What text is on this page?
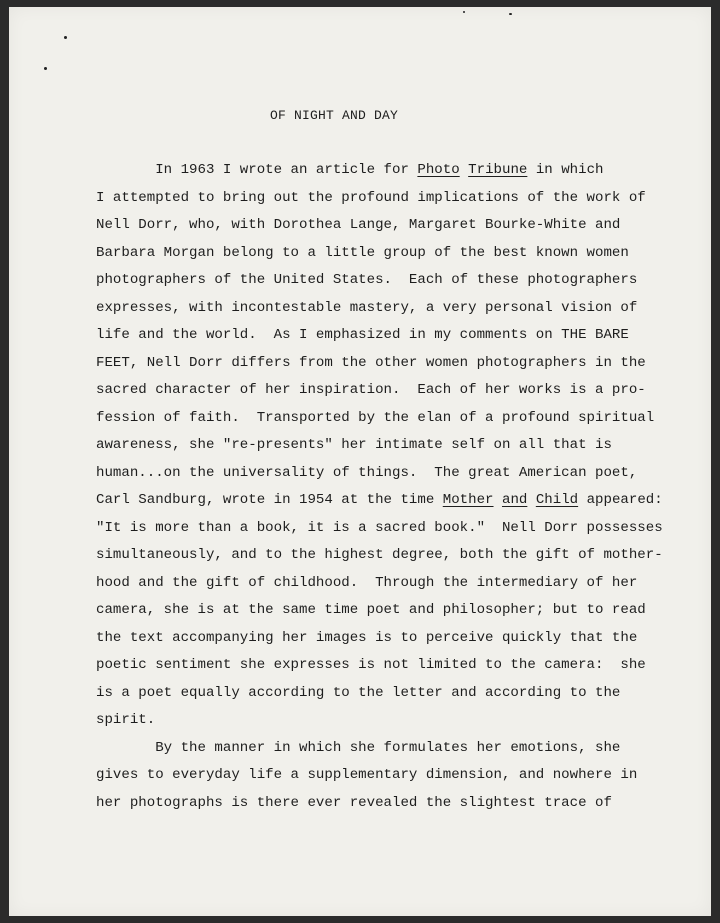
OF NIGHT AND DAY
In 1963 I wrote an article for Photo Tribune in which
I attempted to bring out the profound implications of the work of
Nell Dorr, who, with Dorothea Lange, Margaret Bourke-White and
Barbara Morgan belong to a little group of the best known women
photographers of the United States.  Each of these photographers
expresses, with incontestable mastery, a very personal vision of
life and the world.  As I emphasized in my comments on THE BARE
FEET, Nell Dorr differs from the other women photographers in the
sacred character of her inspiration.  Each of her works is a pro-
fession of faith.  Transported by the elan of a profound spiritual
awareness, she "re-presents" her intimate self on all that is
human...on the universality of things.  The great American poet,
Carl Sandburg, wrote in 1954 at the time Mother and Child appeared:
"It is more than a book, it is a sacred book."  Nell Dorr possesses
simultaneously, and to the highest degree, both the gift of mother-
hood and the gift of childhood.  Through the intermediary of her
camera, she is at the same time poet and philosopher; but to read
the text accompanying her images is to perceive quickly that the
poetic sentiment she expresses is not limited to the camera:  she
is a poet equally according to the letter and according to the
spirit.
By the manner in which she formulates her emotions, she
gives to everyday life a supplementary dimension, and nowhere in
her photographs is there ever revealed the slightest trace of
